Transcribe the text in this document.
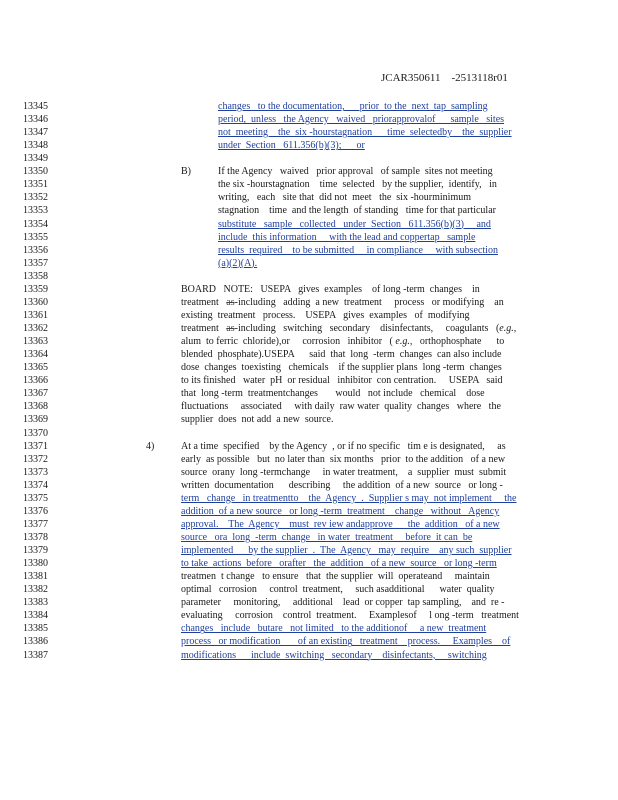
JCAR350611    -2513118r01
13345	changes   to the documentation,      prior  to the  next  tap  sampling
13346	period,  unless   the Agency   waived   priorapprovalof      sample   sites
13347	not  meeting    the  six -hourstagnation      time  selectedby    the  supplier
13348	under  Section   611.356(b)(3);      or
13349
13350	B)	If the Agency   waived   prior approval   of sample  sites not meeting
13351	the six -hourstagnation    time  selected   by the supplier,  identify,   in
13352	writing,   each   site that  did not  meet   the  six -hourminimum
13353	stagnation    time  and the length  of standing   time for that particular
13354	substitute   sample   collected   under  Section   611.356(b)(3)     and
13355	include  this information     with the lead and coppertap   sample
13356	results  required    to be submitted     in compliance     with subsection
13357	(a)(2)(A).
13358
13359	BOARD   NOTE:   USEPA   gives  examples    of long -term  changes    in
13360	treatment   as-including   adding  a new  treatment     process   or modifying    an
13361	existing  treatment   process.    USEPA   gives  examples   of  modifying
13362	treatment   as-including   switching   secondary    disinfectants,     coagulants   (e.g.,
13363	alum  to ferric  chloride),or     corrosion   inhibitor   ( e.g.,   orthophosphate      to
13364	blended  phosphate).USEPA      said  that  long  -term  changes  can also include
13365	dose  changes  toexisting   chemicals    if the supplier plans  long -term  changes
13366	to its finished   water  pH  or residual   inhibitor  con centration.     USEPA   said
13367	that  long -term  treatmentchanges       would   not include   chemical    dose
13368	fluctuations     associated     with daily  raw water  quality  changes   where   the
13369	supplier  does  not add  a new  source.
13370
13371	4)	At a time  specified    by the Agency  , or if no specific   tim e is designated,     as
13372	early  as possible   but  no later than  six months   prior  to the addition   of a new
13373	source  orany  long -termchange     in water treatment,    a  supplier  must  submit
13374	written  documentation      describing     the addition  of a new  source   or long -
13375	term   change   in treatmentto    the  Agency  .  Supplier s may  not implement     the
13376	addition  of a new source   or long -term  treatment    change   without   Agency
13377	approval.    The  Agency    must  rev iew andapprove      the  addition   of a new
13378	source   ora  long  -term  change   in water  treatment     before  it can  be
13379	implemented      by the supplier  .  The  Agency   may  require    any such  supplier
13380	to take  actions  before   orafter   the  addition   of a new  source   or long -term
13381	treatmen  t change   to ensure   that  the supplier  will  operateand     maintain
13382	optimal   corrosion     control  treatment,     such asadditional      water  quality
13383	parameter     monitoring,     additional    lead  or copper  tap sampling,    and  re -
13384	evaluating     corrosion    control  treatment.     Examplesof     l ong -term   treatment
13385	changes   include   butare   not limited   to the additionof     a new  treatment
13386	process   or modification       of an existing   treatment    process.     Examples    of
13387	modifications      include  switching   secondary    disinfectants,     switching
